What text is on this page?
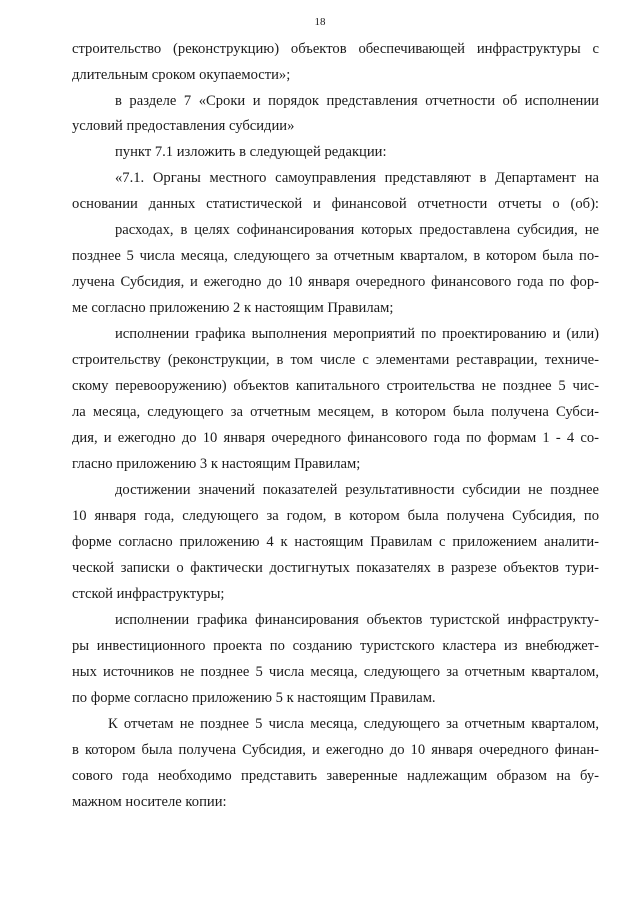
18
строительство (реконструкцию) объектов обеспечивающей инфраструктуры с
длительным сроком окупаемости»;
в разделе 7 «Сроки и порядок представления отчетности об исполнении
условий предоставления субсидии»
пункт 7.1 изложить в следующей редакции:
«7.1. Органы местного самоуправления представляют в Департамент на
основании данных статистической и финансовой отчетности отчеты о (об):
расходах, в целях софинансирования которых предоставлена субсидия, не
позднее 5 числа месяца, следующего за отчетным кварталом, в котором была по-
лучена Субсидия, и ежегодно до 10 января очередного финансового года по фор-
ме согласно приложению 2 к настоящим Правилам;
исполнении графика выполнения мероприятий по проектированию и (или)
строительству (реконструкции, в том числе с элементами реставрации, техниче-
скому перевооружению) объектов капитального строительства не позднее 5 чис-
ла месяца, следующего за отчетным месяцем, в котором была получена Субси-
дия, и ежегодно до 10 января очередного финансового года по формам 1 - 4 со-
гласно приложению 3 к настоящим Правилам;
достижении значений показателей результативности субсидии не позднее
10 января года, следующего за годом, в котором была получена Субсидия, по
форме согласно приложению 4 к настоящим Правилам с приложением аналити-
ческой записки о фактически достигнутых показателях в разрезе объектов тури-
стской инфраструктуры;
исполнении графика финансирования объектов туристской инфраструкту-
ры инвестиционного проекта по созданию туристского кластера из внебюджет-
ных источников не позднее 5 числа месяца, следующего за отчетным кварталом,
по форме согласно приложению 5 к настоящим Правилам.
К отчетам не позднее 5 числа месяца, следующего за отчетным кварталом,
в котором была получена Субсидия, и ежегодно до 10 января очередного финан-
сового года необходимо представить заверенные надлежащим образом на бу-
мажном носителе копии:
